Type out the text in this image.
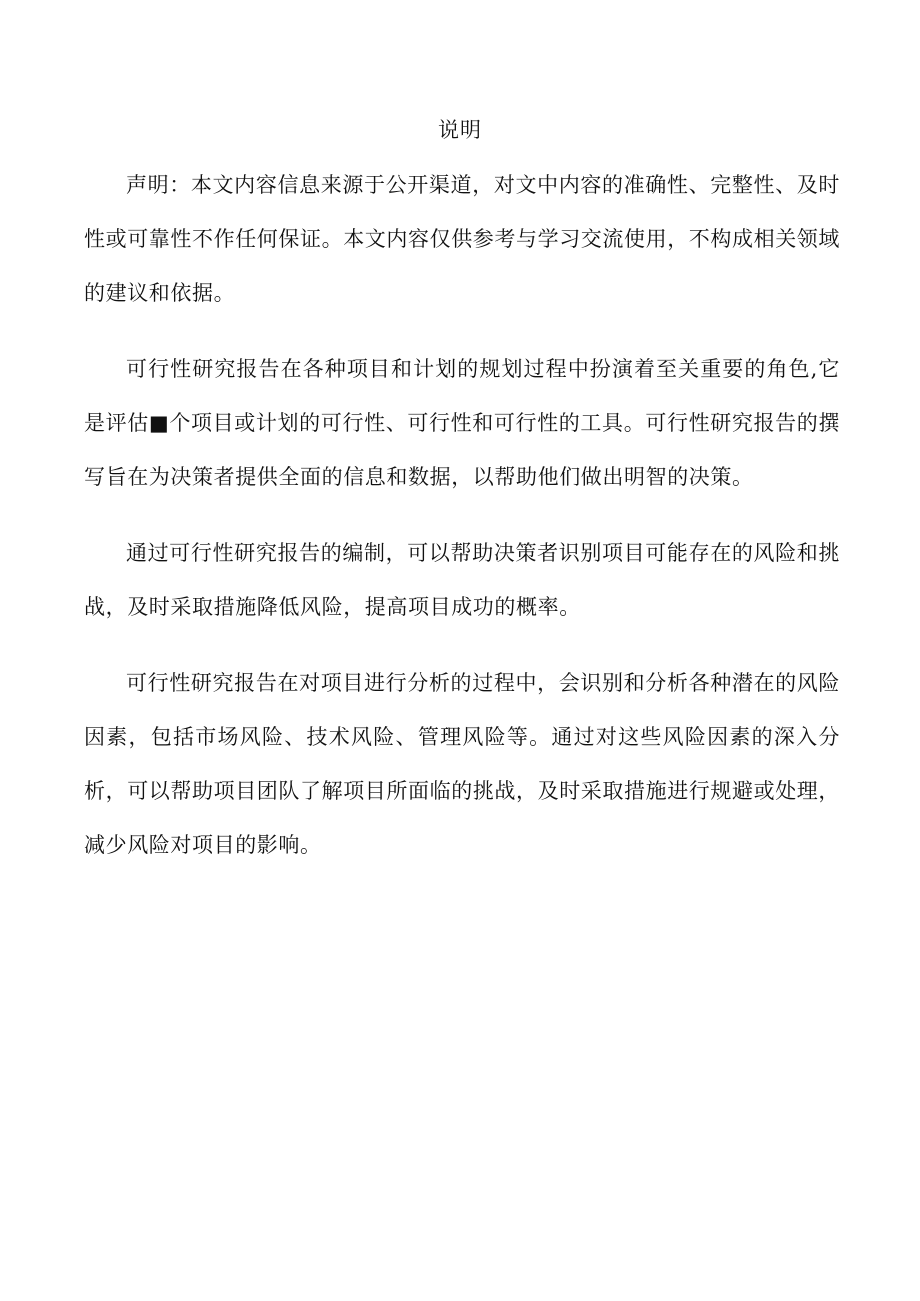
说明

声明：本文内容信息来源于公开渠道，对文中内容的准确性、完整性、及时性或可靠性不作任何保证。本文内容仅供参考与学习交流使用，不构成相关领域的建议和依据。

可行性研究报告在各种项目和计划的规划过程中扮演着至关重要的角色,它是评估■个项目或计划的可行性、可行性和可行性的工具。可行性研究报告的撰写旨在为决策者提供全面的信息和数据，以帮助他们做出明智的决策。

通过可行性研究报告的编制，可以帮助决策者识别项目可能存在的风险和挑战，及时采取措施降低风险，提高项目成功的概率。

可行性研究报告在对项目进行分析的过程中，会识别和分析各种潜在的风险因素，包括市场风险、技术风险、管理风险等。通过对这些风险因素的深入分析，可以帮助项目团队了解项目所面临的挑战，及时采取措施进行规避或处理，减少风险对项目的影响。
